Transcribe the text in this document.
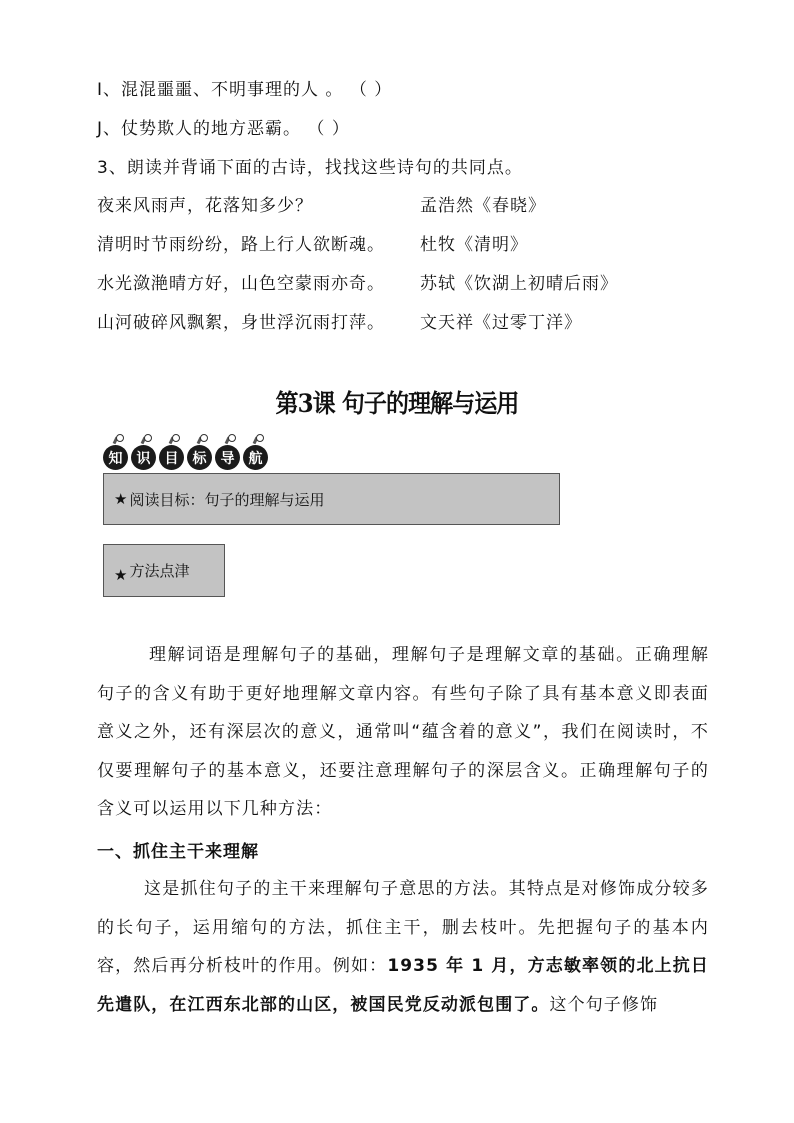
I、混混噩噩、不明事理的人 。 （ ）
J、仗势欺人的地方恶霸。 （ ）
3、朗读并背诵下面的古诗，找找这些诗句的共同点。
夜来风雨声，花落知多少？	孟浩然《春晓》
清明时节雨纷纷，路上行人欲断魂。 杜牧《清明》
水光潋滟晴方好，山色空蒙雨亦奇。 苏轼《饮湖上初晴后雨》
山河破碎风飘絮，身世浮沉雨打萍。 文天祥《过零丁洋》
第3课 句子的理解与运用
知	识	目	标	导	航
★ 阅读目标：句子的理解与运用
★ 方法点津
理解词语是理解句子的基础，理解句子是理解文章的基础。正确理解句子的含义有助于更好地理解文章内容。有些句子除了具有基本意义即表面意义之外，还有深层次的意义，通常叫“蕴含着的意义”，我们在阅读时，不仅要理解句子的基本意义，还要注意理解句子的深层含义。正确理解句子的含义可以运用以下几种方法：
一、抓住主干来理解
这是抓住句子的主干来理解句子意思的方法。其特点是对修饰成分较多的长句子，运用缩句的方法，抓住主干，删去枝叶。先把握句子的基本内容，然后再分析枝叶的作用。例如：1935 年 1 月，方志敏率领的北上抗日先遣队，在江西东北部的山区，被国民党反动派包围了。这个句子修饰
